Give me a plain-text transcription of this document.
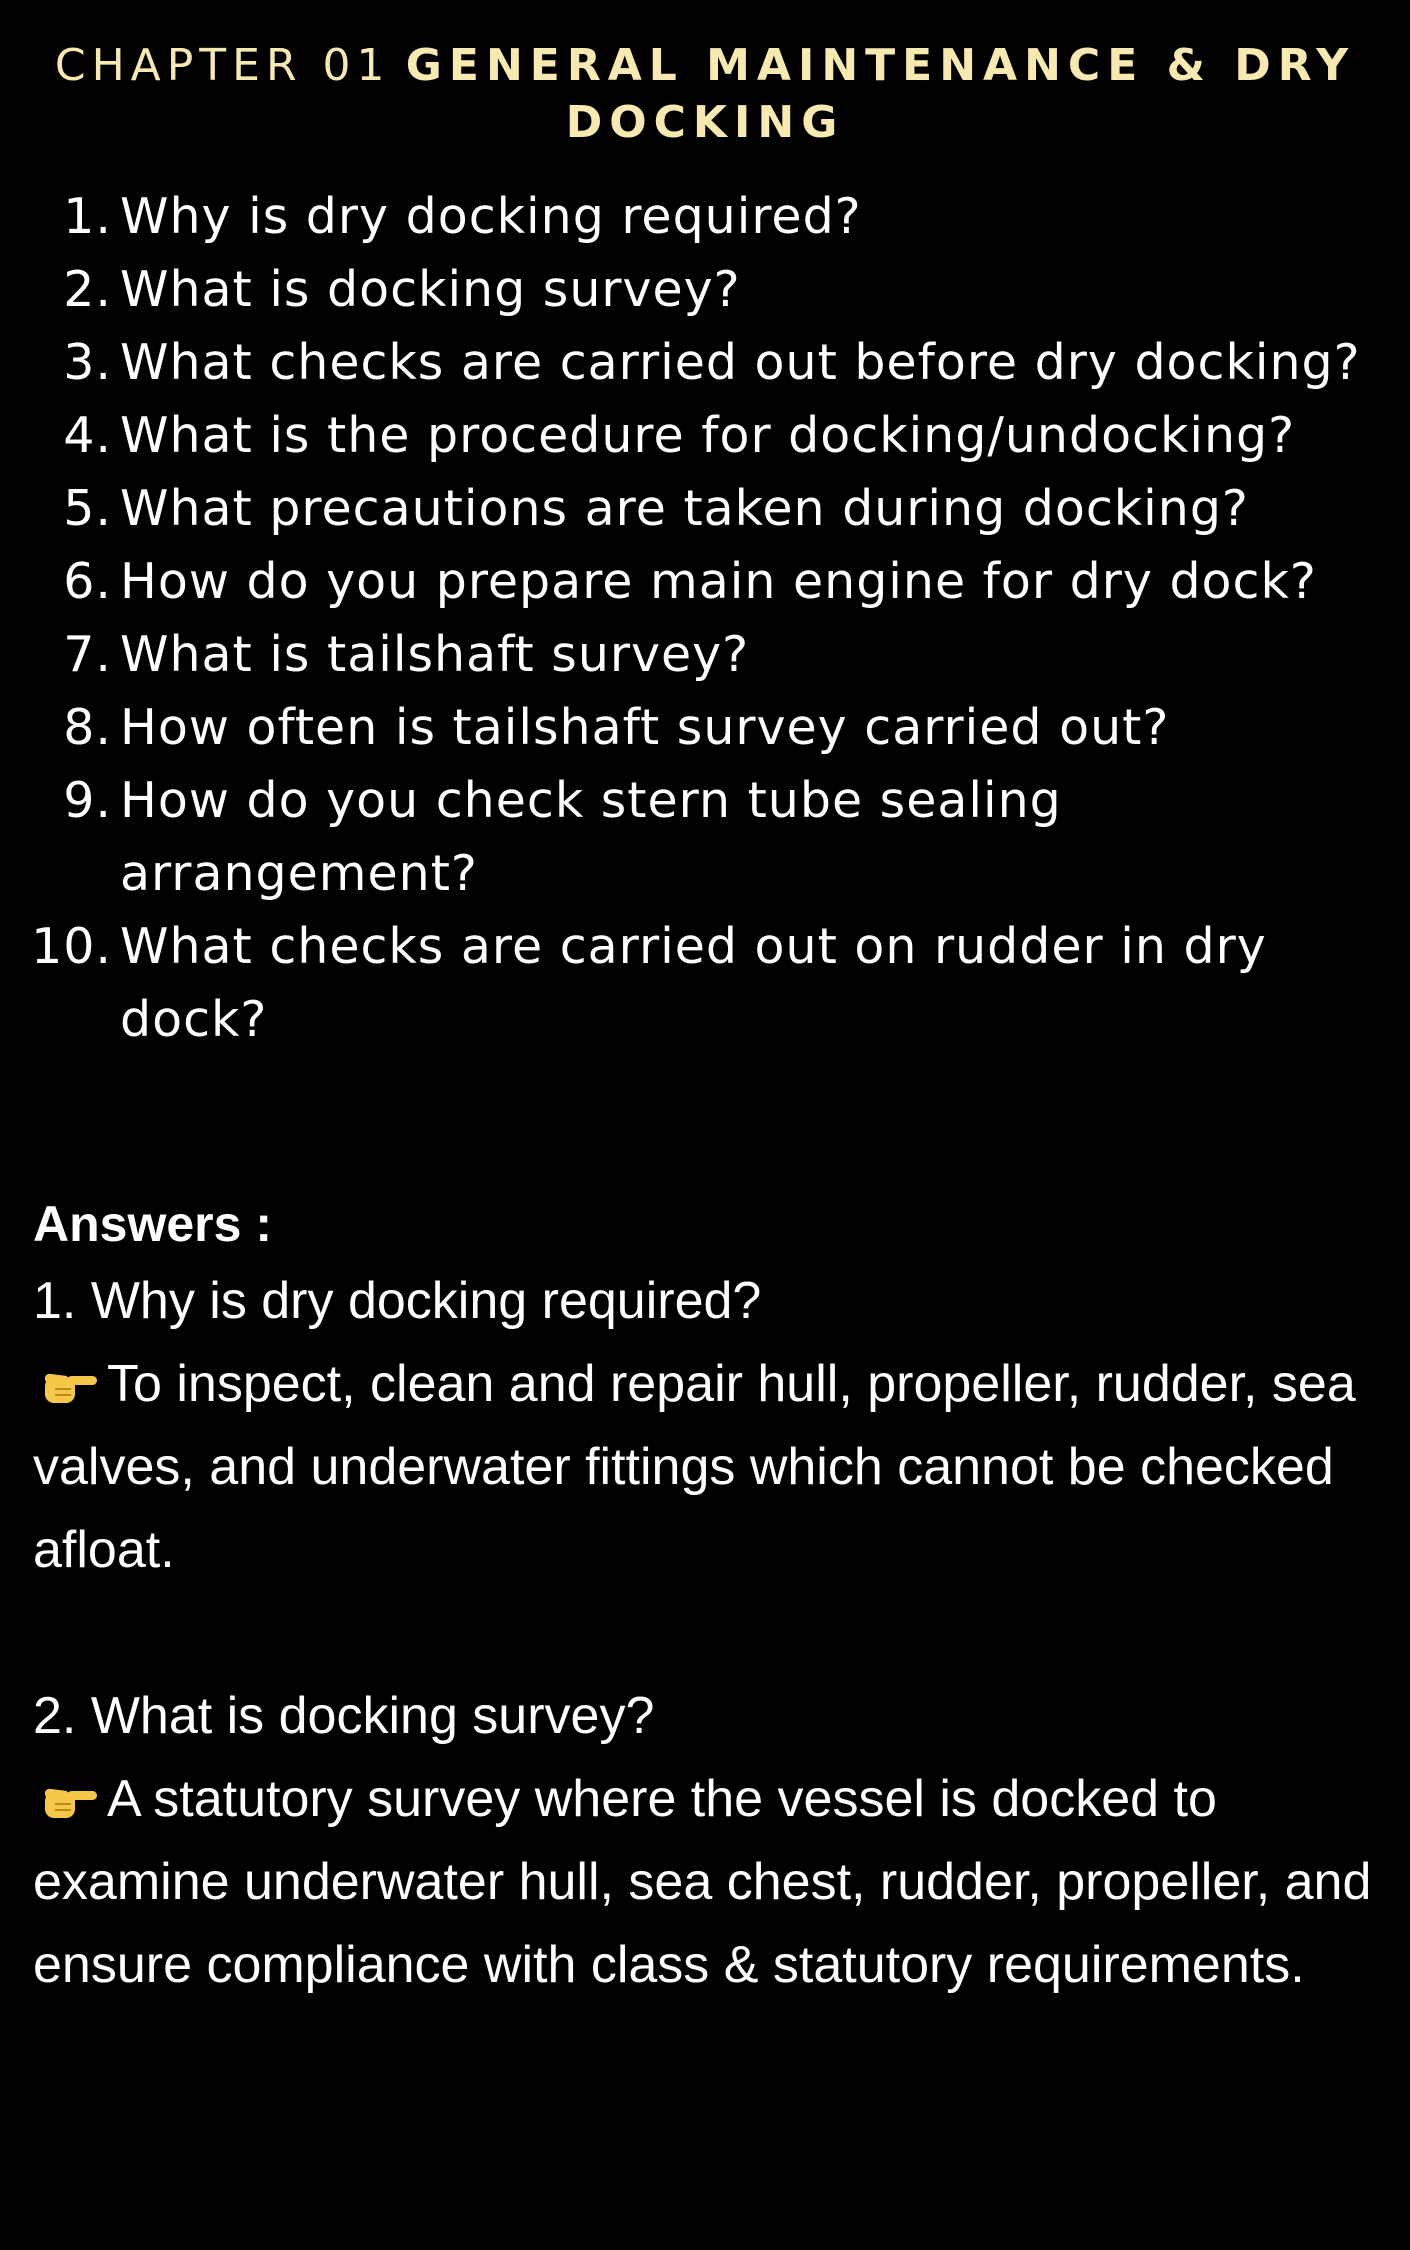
CHAPTER 01 GENERAL MAINTENANCE & DRY DOCKING
1. Why is dry docking required?
2. What is docking survey?
3. What checks are carried out before dry docking?
4. What is the procedure for docking/undocking?
5. What precautions are taken during docking?
6. How do you prepare main engine for dry dock?
7. What is tailshaft survey?
8. How often is tailshaft survey carried out?
9. How do you check stern tube sealing arrangement?
10. What checks are carried out on rudder in dry dock?
Answers :
1. Why is dry docking required?

To inspect, clean and repair hull, propeller, rudder, sea valves, and underwater fittings which cannot be checked afloat.

2. What is docking survey?

A statutory survey where the vessel is docked to examine underwater hull, sea chest, rudder, propeller, and ensure compliance with class & statutory requirements.
